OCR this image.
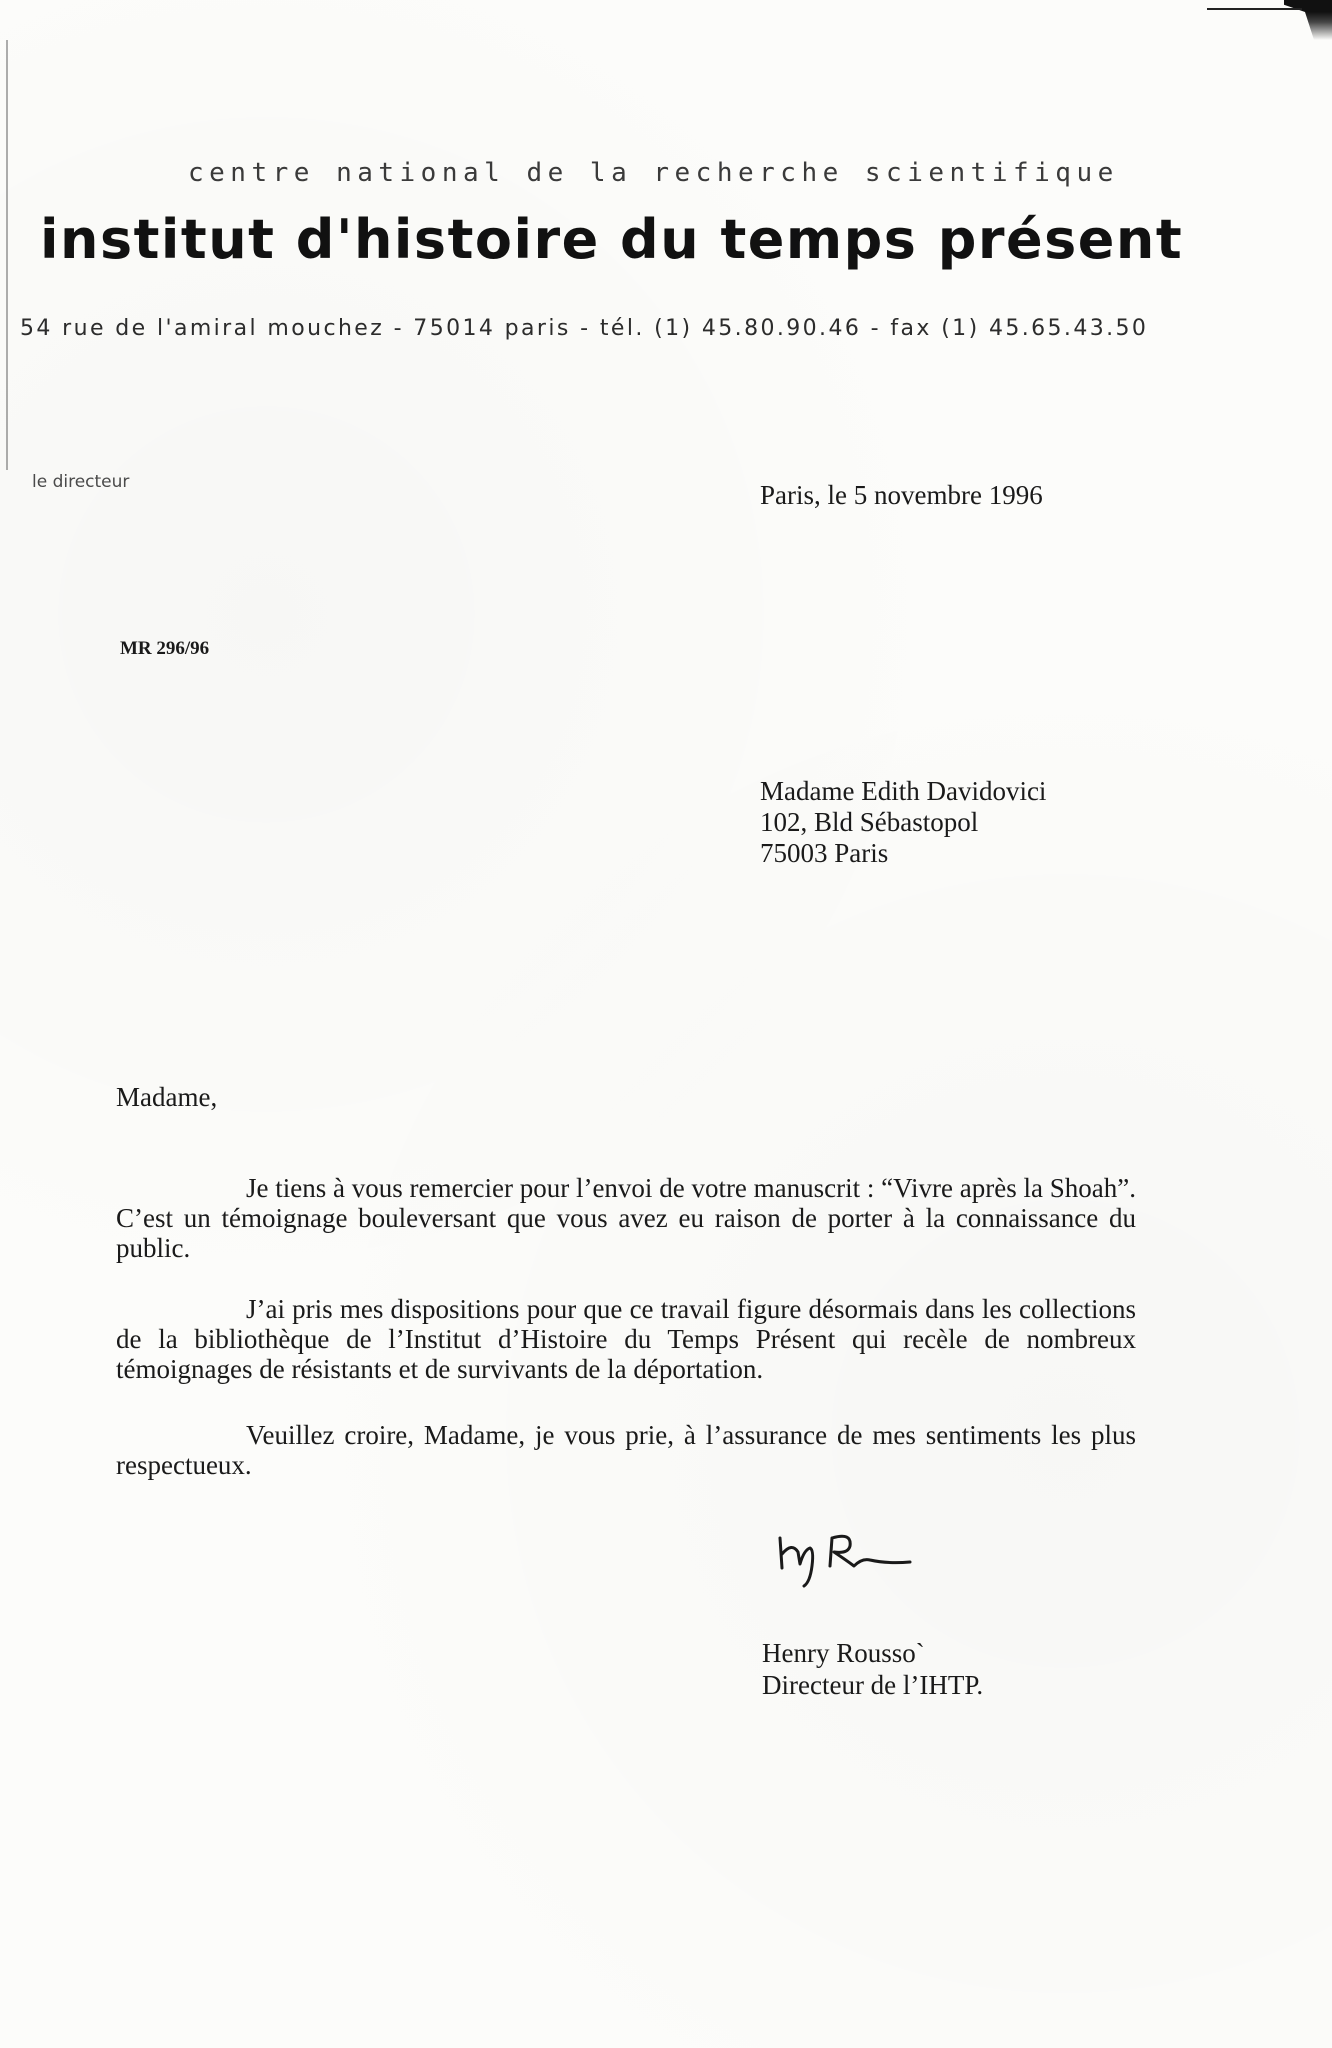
centre national de la recherche scientifique
institut d'histoire du temps présent
54 rue de l'amiral mouchez - 75014 paris - tél. (1) 45.80.90.46 - fax (1) 45.65.43.50
le directeur	Paris, le 5 novembre 1996
MR 296/96
Madame Edith Davidovici
102, Bld Sébastopol
75003 Paris
Madame,

Je tiens à vous remercier pour l’envoi de votre manuscrit : “Vivre après la Shoah”. C’est un témoignage bouleversant que vous avez eu raison de porter à la connaissance du public.

J’ai pris mes dispositions pour que ce travail figure désormais dans les collections de la bibliothèque de l’Institut d’Histoire du Temps Présent qui recèle de nombreux témoignages de résistants et de survivants de la déportation.

Veuillez croire, Madame, je vous prie, à l’assurance de mes sentiments les plus respectueux.

Henry Rousso`
Directeur de l’IHTP.
